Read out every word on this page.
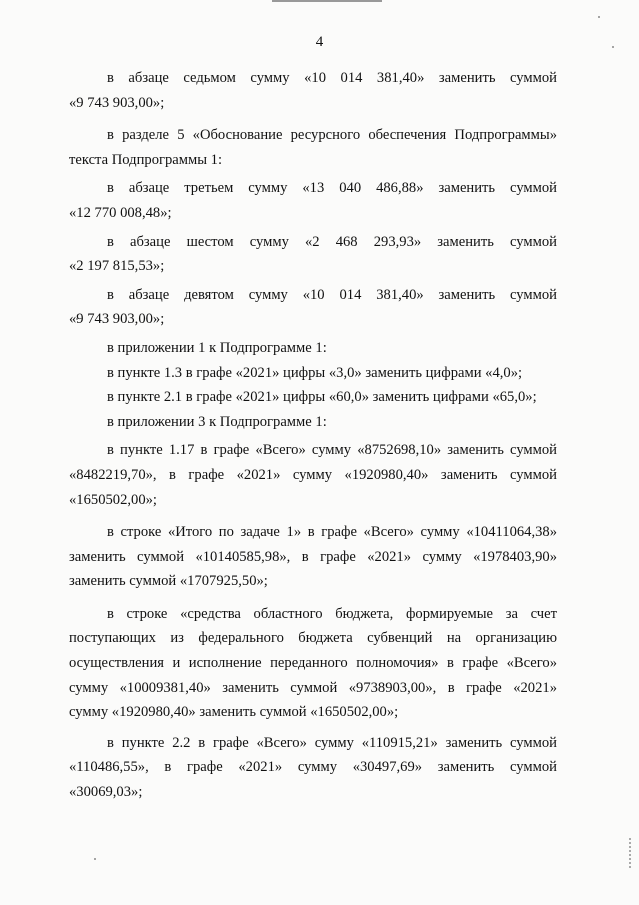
4
в абзаце седьмом сумму «10 014 381,40» заменить суммой
«9 743 903,00»;
в разделе 5 «Обоснование ресурсного обеспечения Подпрограммы»
текста Подпрограммы 1:
в абзаце третьем сумму «13 040 486,88» заменить суммой
«12 770 008,48»;
в абзаце шестом сумму «2 468 293,93» заменить суммой
«2 197 815,53»;
в абзаце девятом сумму «10 014 381,40» заменить суммой
«9 743 903,00»;
в приложении 1 к Подпрограмме 1:
в пункте 1.3 в графе «2021» цифры «3,0» заменить цифрами «4,0»;
в пункте 2.1 в графе «2021» цифры «60,0» заменить цифрами «65,0»;
в приложении 3 к Подпрограмме 1:
в пункте 1.17 в графе «Всего» сумму «8752698,10» заменить суммой
«8482219,70», в графе «2021» сумму «1920980,40» заменить суммой
«1650502,00»;
в строке «Итого по задаче 1» в графе «Всего» сумму «10411064,38»
заменить суммой «10140585,98», в графе «2021» сумму «1978403,90»
заменить суммой «1707925,50»;
в строке «средства областного бюджета, формируемые за счет
поступающих из федерального бюджета субвенций на организацию
осуществления и исполнение переданного полномочия» в графе «Всего»
сумму «10009381,40» заменить суммой «9738903,00», в графе «2021»
сумму «1920980,40» заменить суммой «1650502,00»;
в пункте 2.2 в графе «Всего» сумму «110915,21» заменить суммой
«110486,55», в графе «2021» сумму «30497,69» заменить суммой
«30069,03»;
